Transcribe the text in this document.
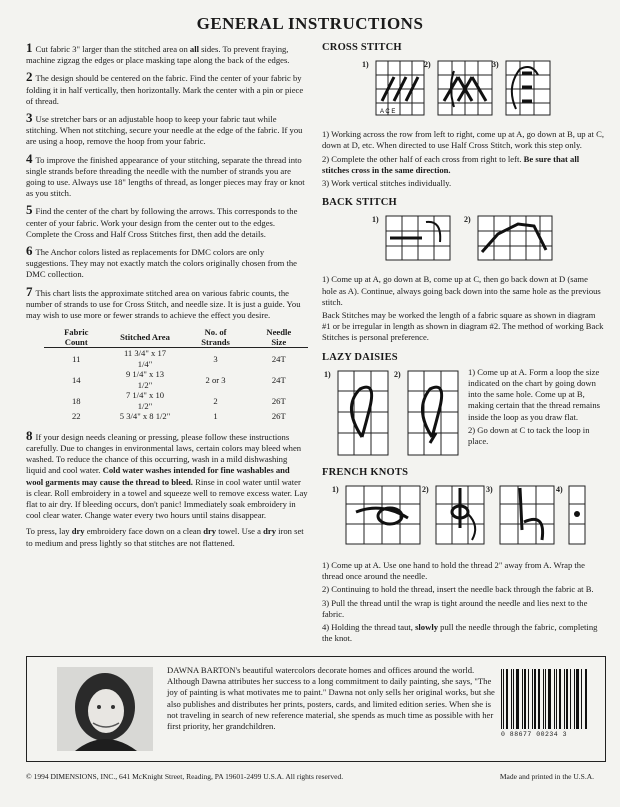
GENERAL INSTRUCTIONS

1 Cut fabric 3" larger than the stitched area on all sides. To prevent fraying, machine zigzag the edges or place masking tape along the back of the edges.

2 The design should be centered on the fabric. Find the center of your fabric by folding it in half vertically, then horizontally. Mark the center with a pin or piece of thread.

3 Use stretcher bars or an adjustable hoop to keep your fabric taut while stitching. When not stitching, secure your needle at the edge of the fabric. If you are using a hoop, remove the hoop from your fabric.

4 To improve the finished appearance of your stitching, separate the thread into single strands before threading the needle with the number of strands you are going to use. Always use 18" lengths of thread, as longer pieces may fray or knot as you stitch.

5 Find the center of the chart by following the arrows. This corresponds to the center of your fabric. Work your design from the center out to the edges. Complete the Cross and Half Cross Stitches first, then add the details.

6 The Anchor colors listed as replacements for DMC colors are only suggestions. They may not exactly match the colors originally chosen from the DMC collection.

7 This chart lists the approximate stitched area on various fabric counts, the number of strands to use for Cross Stitch, and needle size. It is just a guide. You may wish to use more or fewer strands to achieve the effect you desire.

Fabric Count	Stitched Area	No. of Strands	Needle Size
11	11 3/4" x 17 1/4"	3	24T
14	9 1/4" x 13 1/2"	2 or 3	24T
18	7 1/4" x 10 1/2"	2	26T
22	5 3/4" x 8 1/2"	1	26T

8 If your design needs cleaning or pressing, please follow these instructions carefully. Due to changes in environmental laws, certain colors may bleed when washed. To reduce the chance of this occurring, wash in a mild dishwashing liquid and cool water. Cold water washes intended for fine washables and wool garments may cause the thread to bleed. Rinse in cool water until water is clear. Roll embroidery in a towel and squeeze well to remove excess water. Lay flat to air dry. If bleeding occurs, don't panic! Immediately soak embroidery in cool clear water. Change water every two hours until stains disappear.

To press, lay dry embroidery face down on a clean dry towel. Use a dry iron set to medium and press lightly so that stitches are not flattened.

CROSS STITCH
1)
A C E
2)	3)

1) Working across the row from left to right, come up at A, go down at B, up at C, down at D, etc. When directed to use Half Cross Stitch, work this step only.

2) Complete the other half of each cross from right to left. Be sure that all stitches cross in the same direction.

3) Work vertical stitches individually.

BACK STITCH
1)	2)

1) Come up at A, go down at B, come up at C, then go back down at D (same hole as A). Continue, always going back down into the same hole as the previous stitch.

Back Stitches may be worked the length of a fabric square as shown in diagram #1 or be irregular in length as shown in diagram #2. The method of working Back Stitches is personal preference.

LAZY DAISIES
1)	2)	1) Come up at A. Form a loop the size indicated on the chart by going down into the same hole. Come up at B, making certain that the thread remains inside the loop as you draw flat.

2) Go down at C to tack the loop in place.

FRENCH KNOTS
1)	2)	3)	4)

1) Come up at A. Use one hand to hold the thread 2" away from A. Wrap the thread once around the needle.

2) Continuing to hold the thread, insert the needle back through the fabric at B.

3) Pull the thread until the wrap is tight around the needle and lies next to the fabric.

4) Holding the thread taut, slowly pull the needle through the fabric, completing the knot.

DAWNA BARTON's beautiful watercolors decorate homes and offices around the world. Although Dawna attributes her success to a long commitment to daily painting, she says, "The joy of painting is what motivates me to paint." Dawna not only sells her original works, but she also publishes and distributes her prints, posters, cards, and limited edition series. When she is not traveling in search of new reference material, she spends as much time as possible with her first priority, her grandchildren.
0 88677 00234 3
© 1994 DIMENSIONS, INC., 641 McKnight Street, Reading, PA 19601-2499 U.S.A. All rights reserved.	Made and printed in the U.S.A.
